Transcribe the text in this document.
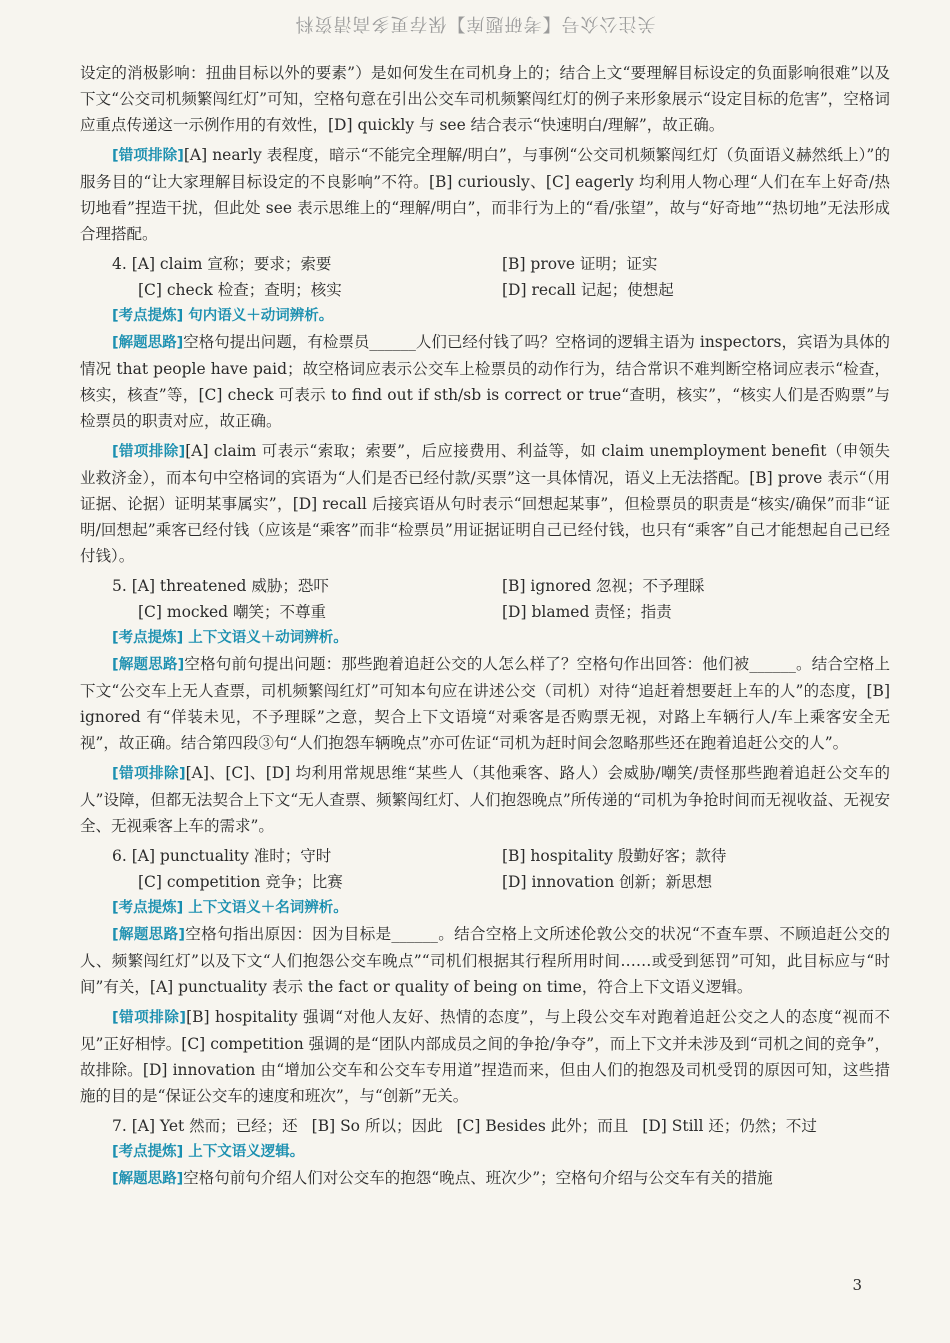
关注公众号【考研题库】保存更多高清资料

设定的消极影响：扭曲目标以外的要素”）是如何发生在司机身上的；结合上文“要理解目标设定的负面影响很难”以及下文“公交司机频繁闯红灯”可知，空格句意在引出公交车司机频繁闯红灯的例子来形象展示“设定目标的危害”，空格词应重点传递这一示例作用的有效性，[D] quickly 与 see 结合表示“快速明白/理解”，故正确。

[错项排除][A] nearly 表程度，暗示“不能完全理解/明白”，与事例“公交司机频繁闯红灯（负面语义赫然纸上）”的服务目的“让大家理解目标设定的不良影响”不符。[B] curiously、[C] eagerly 均利用人物心理“人们在车上好奇/热切地看”捏造干扰，但此处 see 表示思维上的“理解/明白”，而非行为上的“看/张望”，故与“好奇地”“热切地”无法形成合理搭配。

4. [A] claim 宣称；要求；索要	[B] prove 证明；证实
[C] check 检查；查明；核实	[D] recall 记起；使想起
[考点提炼] 句内语义＋动词辨析。

[解题思路]空格句提出问题，有检票员______人们已经付钱了吗？空格词的逻辑主语为 inspectors，宾语为具体的情况 that people have paid；故空格词应表示公交车上检票员的动作行为，结合常识不难判断空格词应表示“检查，核实，核查”等，[C] check 可表示 to find out if sth/sb is correct or true“查明，核实”，“核实人们是否购票”与检票员的职责对应，故正确。

[错项排除][A] claim 可表示“索取；索要”，后应接费用、利益等，如 claim unemployment benefit（申领失业救济金），而本句中空格词的宾语为“人们是否已经付款/买票”这一具体情况，语义上无法搭配。[B] prove 表示“（用证据、论据）证明某事属实”，[D] recall 后接宾语从句时表示“回想起某事”，但检票员的职责是“核实/确保”而非“证明/回想起”乘客已经付钱（应该是“乘客”而非“检票员”用证据证明自己已经付钱，也只有“乘客”自己才能想起自己已经付钱）。

5. [A] threatened 威胁；恐吓	[B] ignored 忽视；不予理睬
[C] mocked 嘲笑；不尊重	[D] blamed 责怪；指责
[考点提炼] 上下文语义＋动词辨析。

[解题思路]空格句前句提出问题：那些跑着追赶公交的人怎么样了？空格句作出回答：他们被______。结合空格上下文“公交车上无人查票，司机频繁闯红灯”可知本句应在讲述公交（司机）对待“追赶着想要赶上车的人”的态度，[B] ignored 有“佯装未见，不予理睬”之意，契合上下文语境“对乘客是否购票无视，对路上车辆行人/车上乘客安全无视”，故正确。结合第四段③句“人们抱怨车辆晚点”亦可佐证“司机为赶时间会忽略那些还在跑着追赶公交的人”。

[错项排除][A]、[C]、[D] 均利用常规思维“某些人（其他乘客、路人）会威胁/嘲笑/责怪那些跑着追赶公交车的人”设障，但都无法契合上下文“无人查票、频繁闯红灯、人们抱怨晚点”所传递的“司机为争抢时间而无视收益、无视安全、无视乘客上车的需求”。

6. [A] punctuality 准时；守时	[B] hospitality 殷勤好客；款待
[C] competition 竞争；比赛	[D] innovation 创新；新思想
[考点提炼] 上下文语义＋名词辨析。

[解题思路]空格句指出原因：因为目标是______。结合空格上文所述伦敦公交的状况“不查车票、不顾追赶公交的人、频繁闯红灯”以及下文“人们抱怨公交车晚点”“司机们根据其行程所用时间……或受到惩罚”可知，此目标应与“时间”有关，[A] punctuality 表示 the fact or quality of being on time，符合上下文语义逻辑。

[错项排除][B] hospitality 强调“对他人友好、热情的态度”，与上段公交车对跑着追赶公交之人的态度“视而不见”正好相悖。[C] competition 强调的是“团队内部成员之间的争抢/争夺”，而上下文并未涉及到“司机之间的竞争”，故排除。[D] innovation 由“增加公交车和公交车专用道”捏造而来，但由人们的抱怨及司机受罚的原因可知，这些措施的目的是“保证公交车的速度和班次”，与“创新”无关。

7. [A] Yet 然而；已经；还 [B] So 所以；因此 [C] Besides 此外；而且 [D] Still 还；仍然；不过
[考点提炼] 上下文语义逻辑。

[解题思路]空格句前句介绍人们对公交车的抱怨“晚点、班次少”；空格句介绍与公交车有关的措施

3
